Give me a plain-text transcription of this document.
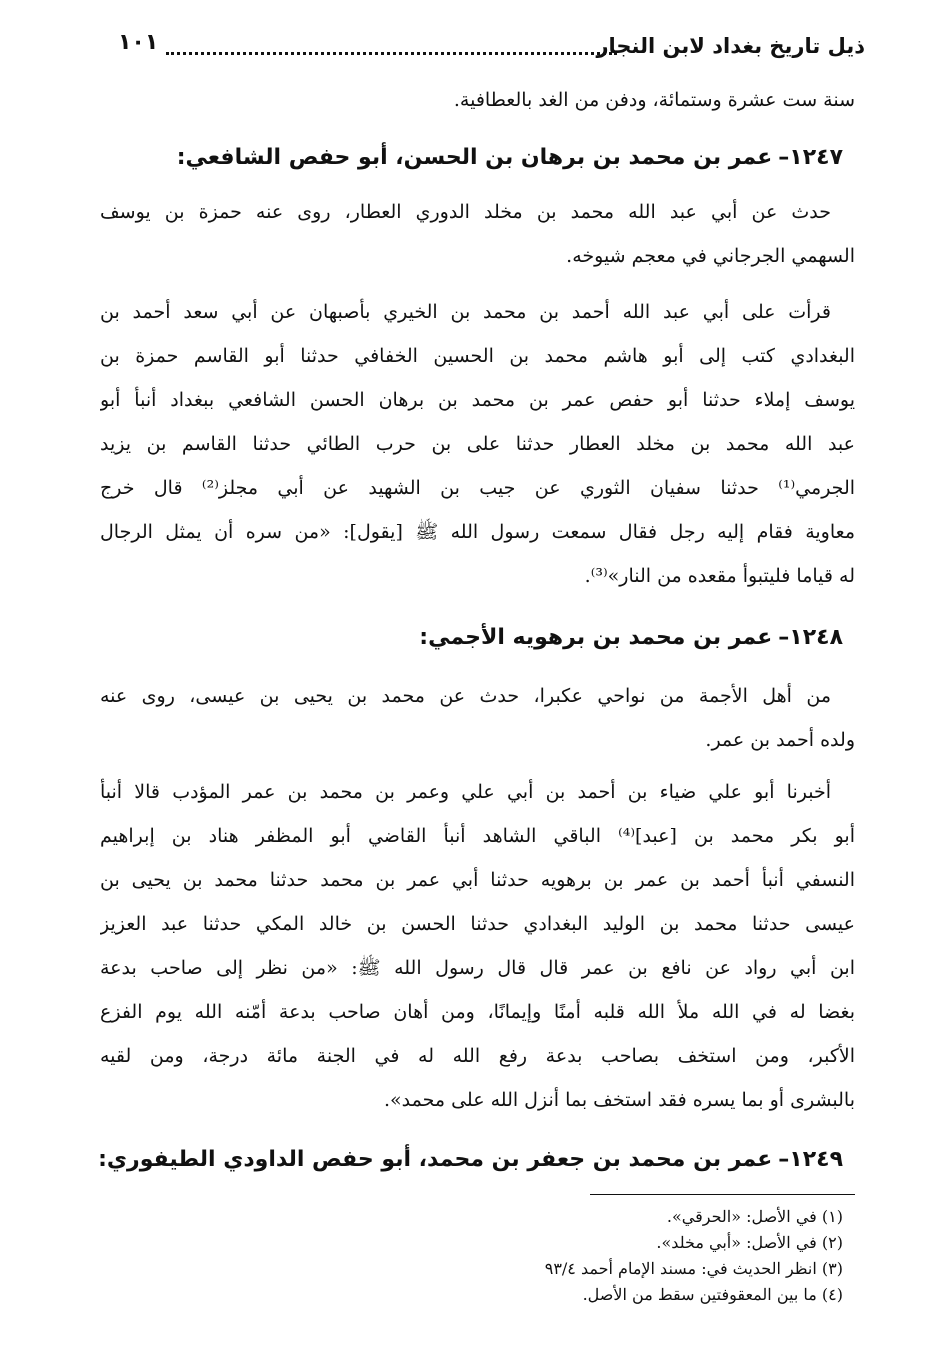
ذيل تاريخ بغداد لابن النجار
١٠١
سنة ست عشرة وستمائة، ودفن من الغد بالعطافية.
١٢٤٧–عمر بن محمد بن برهان بن الحسن، أبو حفص الشافعي:
حدث عن أبي عبد الله محمد بن مخلد الدوري العطار، روى عنه حمزة بن يوسف
السهمي الجرجاني في معجم شيوخه.
قرأت على أبي عبد الله أحمد بن محمد بن الخيري بأصبهان عن أبي سعد أحمد بن
البغدادي كتب إلى أبو هاشم محمد بن الحسين الخفافي حدثنا أبو القاسم حمزة بن
يوسف إملاء حدثنا أبو حفص عمر بن محمد بن برهان الحسن الشافعي ببغداد أنبأ أبو
عبد الله محمد بن مخلد العطار حدثنا على بن حرب الطائي حدثنا القاسم بن يزيد
الجرمي⁽¹⁾ حدثنا سفيان الثوري عن جيب بن الشهيد عن أبي مجلز⁽²⁾ قال خرج
معاوية فقام إليه رجل فقال سمعت رسول الله ﷺ [يقول]: «من سره أن يمثل الرجال
له قياما فليتبوأ مقعده من النار»⁽³⁾.
١٢٤٨–عمر بن محمد بن برهويه الأجمي:
من أهل الأجمة من نواحي عكبرا، حدث عن محمد بن يحيى بن عيسى، روى عنه
ولده أحمد بن عمر.
أخبرنا أبو علي ضياء بن أحمد بن أبي علي وعمر بن محمد بن عمر المؤدب قالا أنبأ
أبو بكر محمد بن [عبد]⁽⁴⁾ الباقي الشاهد أنبأ القاضي أبو المظفر هناد بن إبراهيم
النسفي أنبأ أحمد بن عمر بن برهويه حدثنا أبي عمر بن محمد حدثنا محمد بن يحيى بن
عيسى حدثنا محمد بن الوليد البغدادي حدثنا الحسن بن خالد المكي حدثنا عبد العزيز
ابن أبي رواد عن نافع بن عمر قال قال رسول الله ﷺ: «من نظر إلى صاحب بدعة
بغضا له في الله ملأ الله قلبه أمنًا وإيمانًا، ومن أهان صاحب بدعة أمّنه الله يوم الفزع
الأكبر، ومن استخف بصاحب بدعة رفع الله له في الجنة مائة درجة، ومن لقيه
بالبشرى أو بما يسره فقد استخف بما أنزل الله على محمد».
١٢٤٩–عمر بن محمد بن جعفر بن محمد، أبو حفص الداودي الطيفوري:
(١) في الأصل: «الحرقي».
(٢) في الأصل: «أبي مخلد».
(٣) انظر الحديث في: مسند الإمام أحمد ٩٣/٤
(٤) ما بين المعقوفتين سقط من الأصل.
